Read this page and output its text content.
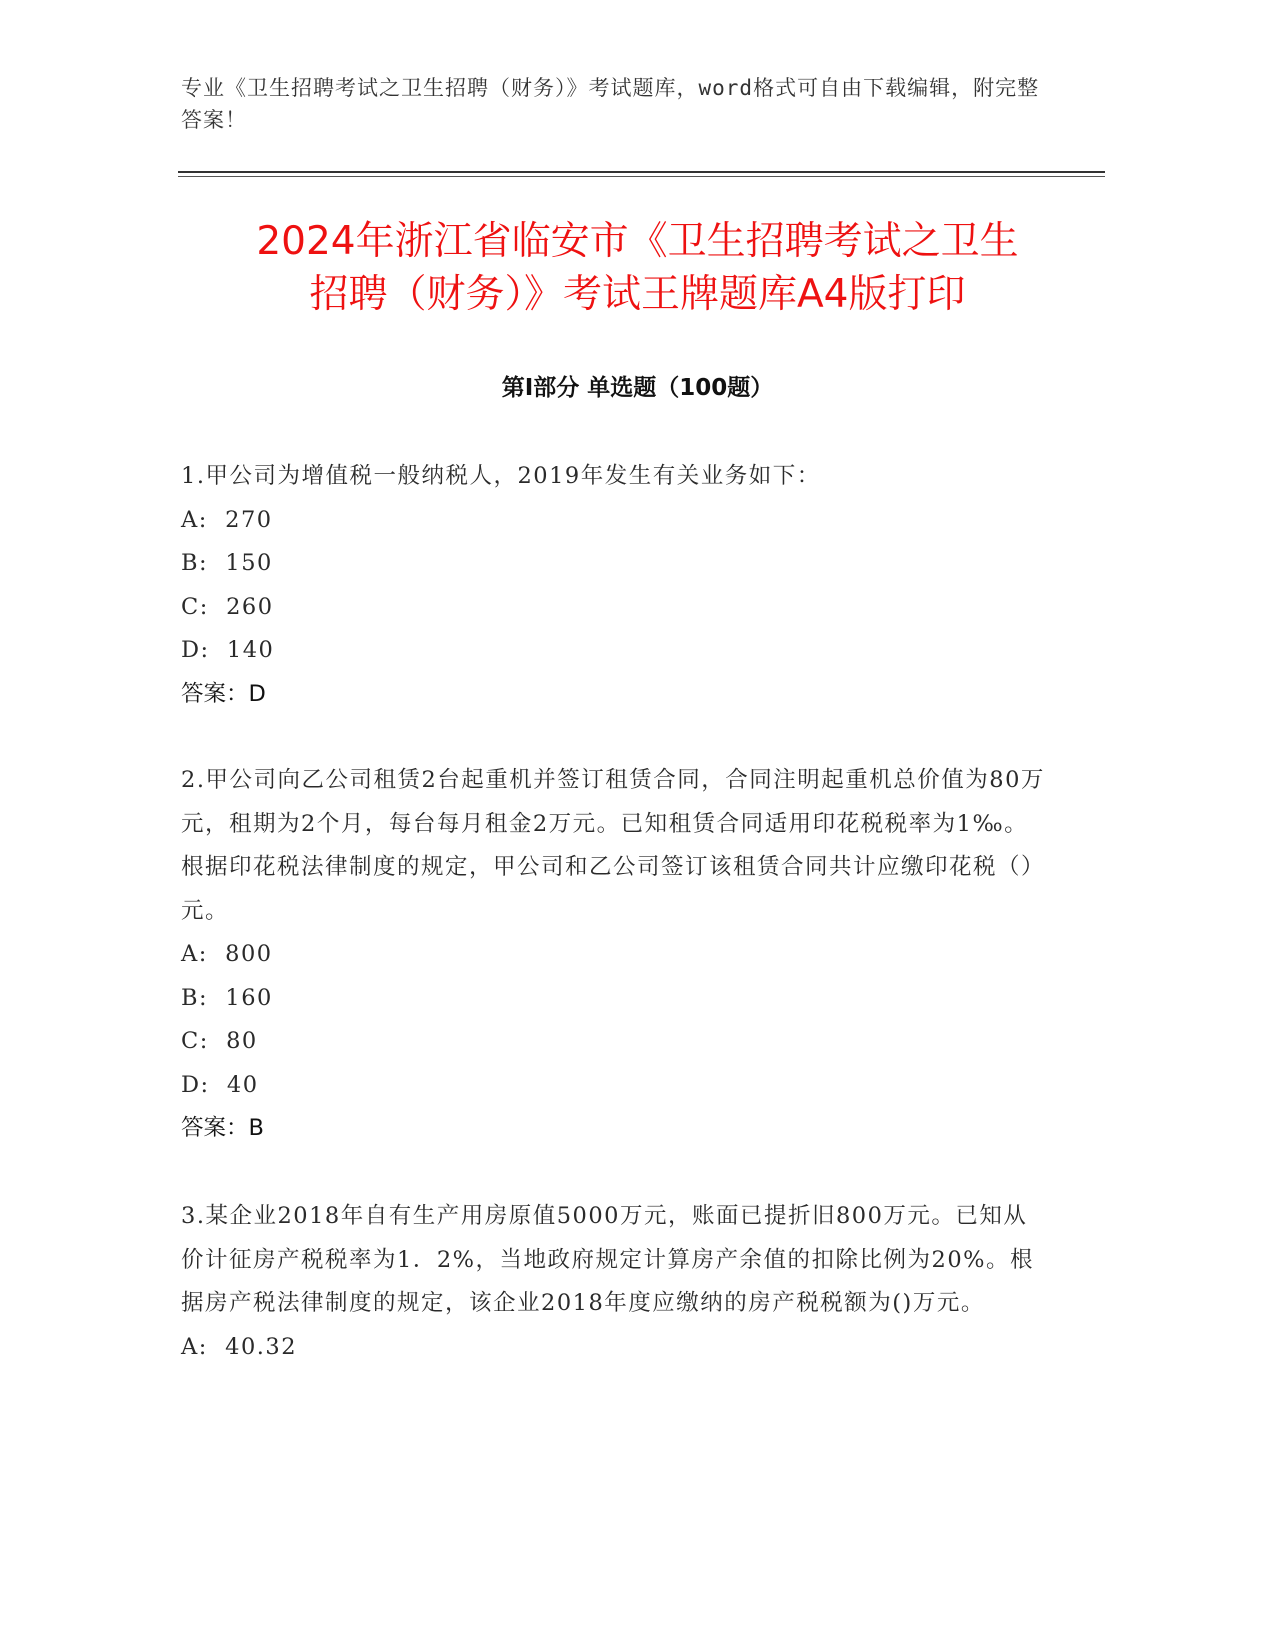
专业《卫生招聘考试之卫生招聘（财务）》考试题库，word格式可自由下载编辑，附完整答案！
2024年浙江省临安市《卫生招聘考试之卫生
招聘（财务）》考试王牌题库A4版打印
第Ⅰ部分 单选题（100题）

1.甲公司为增值税一般纳税人，2019年发生有关业务如下：

A:  270

B:  150

C:  260

D:  140

答案：D

2.甲公司向乙公司租赁2台起重机并签订租赁合同，合同注明起重机总价值为80万元，租期为2个月，每台每月租金2万元。已知租赁合同适用印花税税率为1‰。根据印花税法律制度的规定，甲公司和乙公司签订该租赁合同共计应缴印花税（）元。

A:  800

B:  160

C:  80

D:  40

答案：B

3.某企业2018年自有生产用房原值5000万元，账面已提折旧800万元。已知从价计征房产税税率为1．2%，当地政府规定计算房产余值的扣除比例为20%。根据房产税法律制度的规定，该企业2018年度应缴纳的房产税税额为()万元。

A:  40.32
